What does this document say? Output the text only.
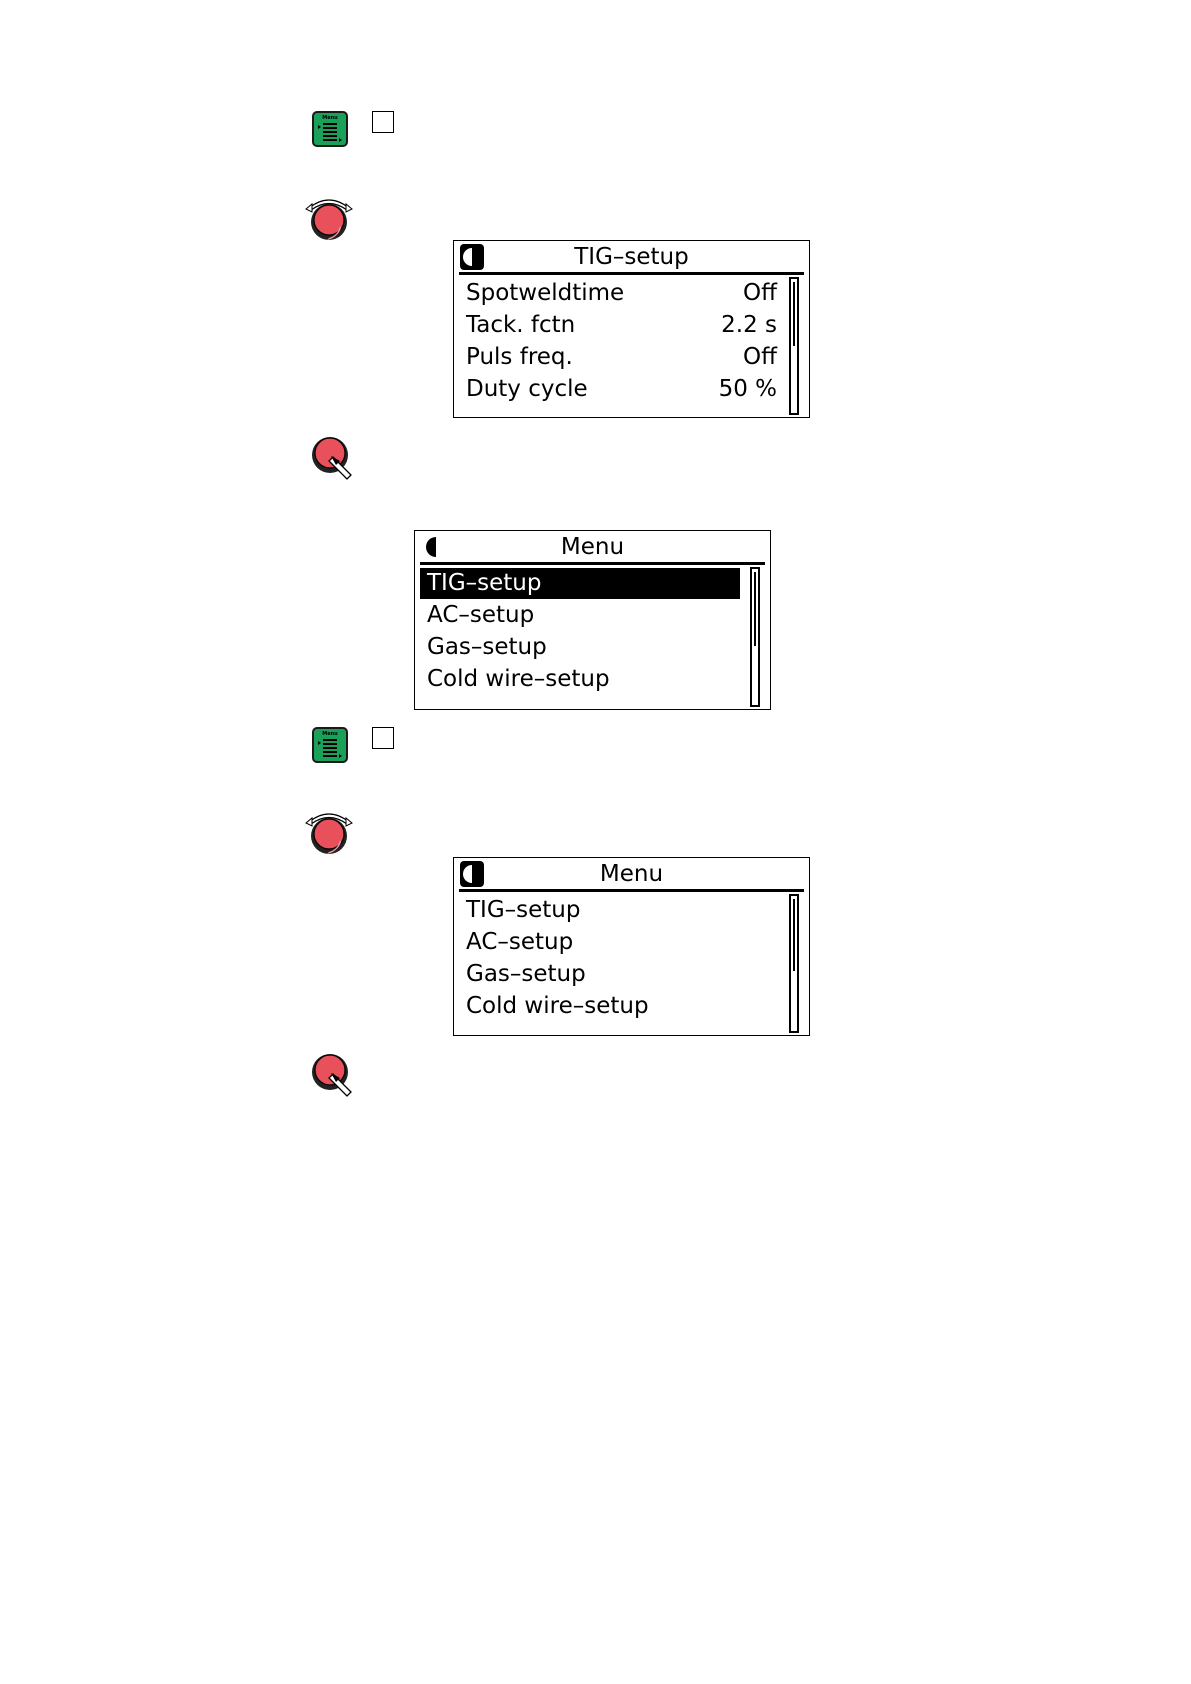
Menu
TIG–setup
Spotweldtime	Off
Tack. fctn	2.2 s
Puls freq.	Off
Duty cycle	50 %
Menu
TIG–setup
AC–setup
Gas–setup
Cold wire–setup
Menu
Menu
TIG–setup
AC–setup
Gas–setup
Cold wire–setup
